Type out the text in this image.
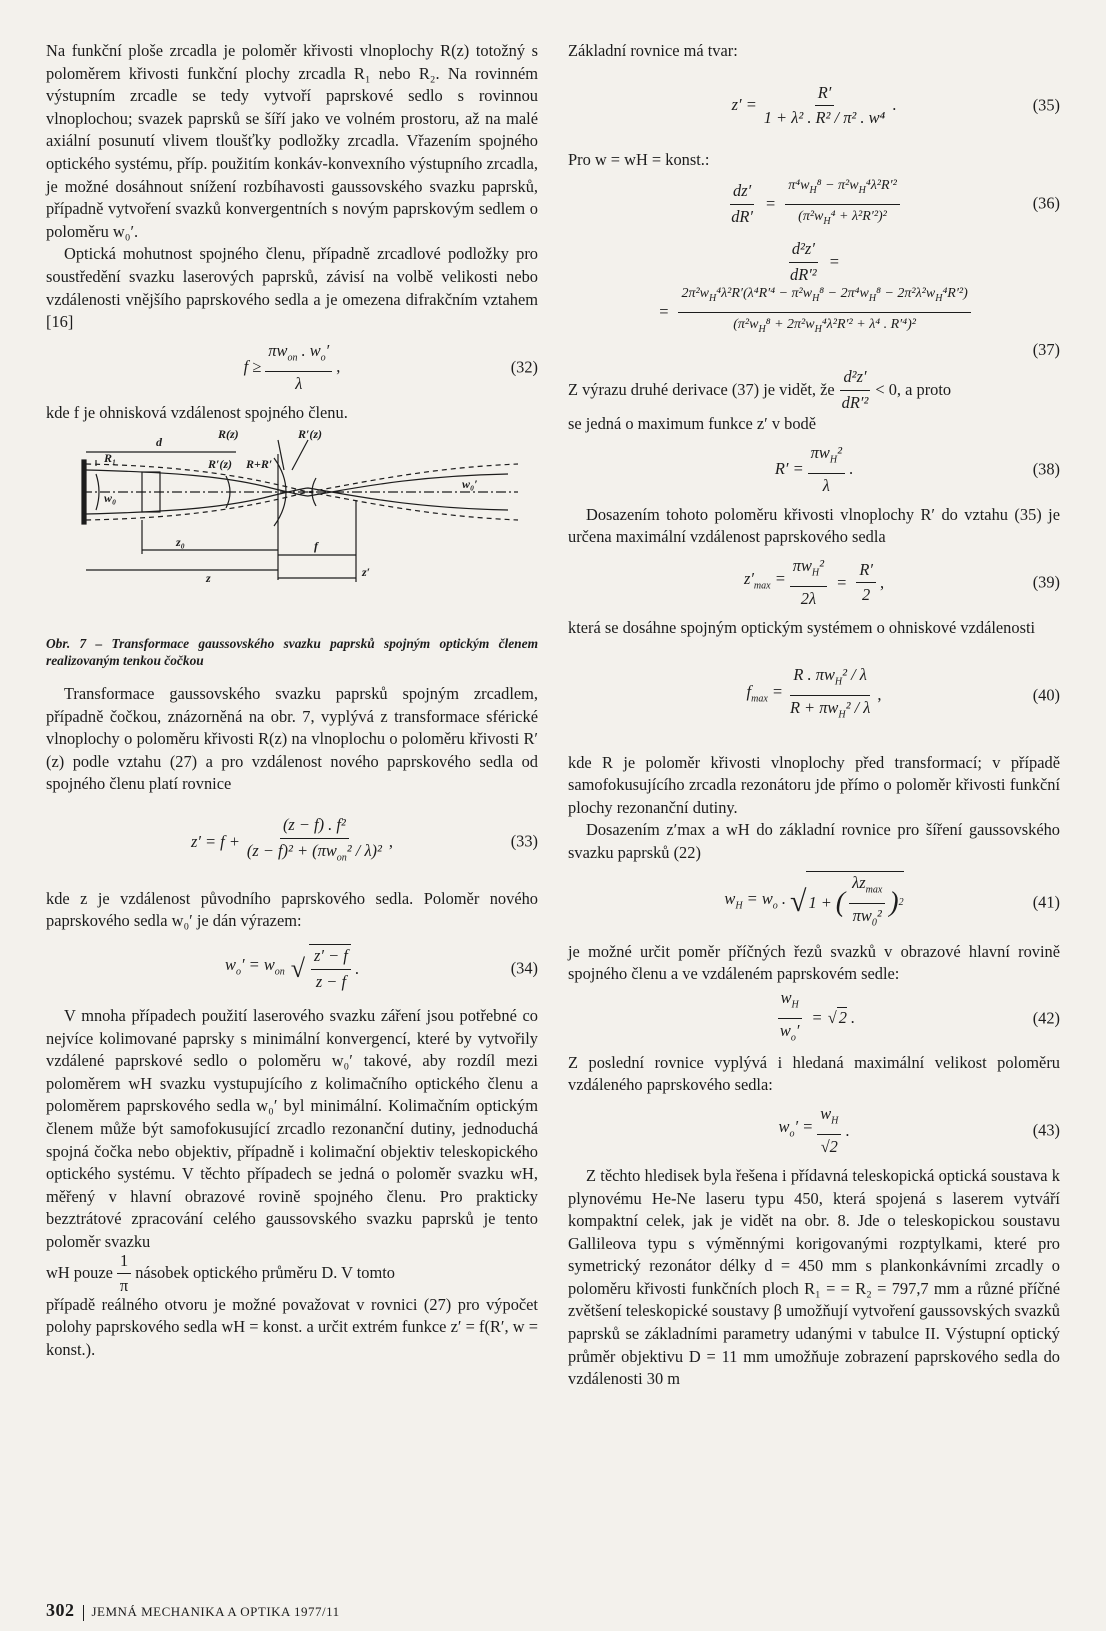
Na funkční ploše zrcadla je poloměr křivosti vlnoplochy R(z) totožný s poloměrem křivosti funkční plochy zrcadla R₁ nebo R₂. Na rovinném výstupním zrcadle se tedy vytvoří paprskové sedlo s rovinnou vlnoplochou; svazek paprsků se šíří jako ve volném prostoru, až na malé axiální posunutí vlivem tloušťky podložky zrcadla. Vřazením spojného optického systému, příp. použitím konkáv-konvexního výstupního zrcadla, je možné dosáhnout snížení rozbíhavosti gaussovského svazku paprsků, případně vytvoření svazků konvergentních s novým paprskovým sedlem o poloměru w₀′.

Optická mohutnost spojného členu, případně zrcadlové podložky pro soustředění svazku laserových paprsků, závisí na volbě velikosti nebo vzdálenosti vnějšího paprskového sedla a je omezena difrakčním vztahem [16]

$f \ge \frac{\pi w_{on} . w_o'}{\lambda}$ ,	(32)

kde f je ohnisková vzdálenost spojného členu.

R₁
d
R′(z)
R(z)	R′(z)
R+R′
z₀
z
f
z′
w₀
w₀′
Obr. 7 – Transformace gaussovského svazku paprsků spojným optickým členem realizovaným tenkou čočkou

Transformace gaussovského svazku paprsků spojným zrcadlem, případně čočkou, znázorněná na obr. 7, vyplývá z transformace sférické vlnoplochy o poloměru křivosti R(z) na vlnoplochu o poloměru křivosti R′(z) podle vztahu (27) a pro vzdálenost nového paprskového sedla od spojného členu platí rovnice

$z' = f + \frac{\text{(z − f) . f²}}{(z - f)^2 + (\pi w_{on}^2 / \lambda)^2}$ ,	(33)

kde z je vzdálenost původního paprskového sedla. Poloměr nového paprskového sedla w₀′ je dán výrazem:

$w_o' = w_{on}$ √ $\frac{z' - f}{z - f}$ .	(34)

V mnoha případech použití laserového svazku záření jsou potřebné co nejvíce kolimované paprsky s minimální konvergencí, které by vytvořily vzdálené paprskové sedlo o poloměru w₀′ takové, aby rozdíl mezi poloměrem wH svazku vystupujícího z kolimačního optického členu a poloměrem paprskového sedla w₀′ byl minimální. Kolimačním optickým členem může být samofokusující zrcadlo rezonanční dutiny, jednoduchá spojná čočka nebo objektiv, případně i kolimační objektiv teleskopického optického systému. V těchto případech se jedná o poloměr svazku wH, měřený v hlavní obrazové rovině spojného členu. Pro prakticky bezztrátové zpracování celého gaussovského svazku paprsků je tento poloměr svazku

wH pouze $\frac{1}{\pi}$ násobek optického průměru D. V tomto

případě reálného otvoru je možné považovat v rovnici (27) pro výpočet polohy paprskového sedla wH = konst. a určit extrém funkce z′ = f(R′, w = konst.).

Základní rovnice má tvar:

$z' = \frac{R'}{\text{1 + λ² . R² / π² . w⁴}}$ .	(35)

Pro w = wH = konst.:

$\frac{dz'}{dR'} = \frac{\pi^4w_H^8 - \pi^2w_H^4\lambda^2R'^2}{(\pi^2w_H^4 + \lambda^2R'^2)^2}$	(36)
$\frac{\text{d²z′}}{\text{dR′²}}$ =
= $\frac{2\pi^2w_H^4\lambda^2R'(\lambda^4R'^4 - \pi^2w_H^8 - 2\pi^4w_H^8 - 2\pi^2\lambda^2w_H^4R'^2)}{(\pi^2w_H^8 + 2\pi^2w_H^4\lambda^2R'^2 + \lambda^4 . R'^4)^2}$
(37)
Z výrazu druhé derivace (37) je vidět, že $\frac{\text{d²z′}}{\text{dR′²}} < 0$, a proto

se jedná o maximum funkce z′ v bodě

$R' = \frac{\pi w_H^2}{\lambda}$ .	(38)

Dosazením tohoto poloměru křivosti vlnoplochy R′ do vztahu (35) je určena maximální vzdálenost paprskového sedla

$z'_{max} = \frac{\pi w_H^2}{2\lambda} = \frac{R'}{2}$ ,	(39)

která se dosáhne spojným optickým systémem o ohniskové vzdálenosti

$f_{max} = \frac{R . \pi w_H^2 / \lambda}{R + \pi w_H^2 / \lambda}$ ,	(40)

kde R je poloměr křivosti vlnoplochy před transformací; v případě samofokusujícího zrcadla rezonátoru jde přímo o poloměr křivosti funkční plochy rezonanční dutiny.

Dosazením z′max a wH do základní rovnice pro šíření gaussovského svazku paprsků (22)

$w_H = w_o$ . √ 1 + ( $\frac{\lambda z_{max}}{\pi w_0^2}$ ) 2	(41)

je možné určit poměr příčných řezů svazků v obrazové hlavní rovině spojného členu a ve vzdáleném paprskovém sedle:

$\frac{w_H}{w_o'}$ = √ 2 .	(42)

Z poslední rovnice vyplývá i hledaná maximální velikost poloměru vzdáleného paprskového sedla:

$w_o' = \frac{w_H}{√2}$ .	(43)

Z těchto hledisek byla řešena i přídavná teleskopická optická soustava k plynovému He-Ne laseru typu 450, která spojená s laserem vytváří kompaktní celek, jak je vidět na obr. 8. Jde o teleskopickou soustavu Gallileova typu s výměnnými korigovanými rozptylkami, které pro symetrický rezonátor délky d = 450 mm s plankonkávními zrcadly o poloměru křivosti funkčních ploch R₁ = = R₂ = 797,7 mm a různé příčné zvětšení teleskopické soustavy β umožňují vytvoření gaussovských svazků paprsků se základními parametry udanými v tabulce II. Výstupní optický průměr objektivu D = 11 mm umožňuje zobrazení paprskového sedla do vzdálenosti 30 m

302 JEMNÁ MECHANIKA A OPTIKA 1977/11
